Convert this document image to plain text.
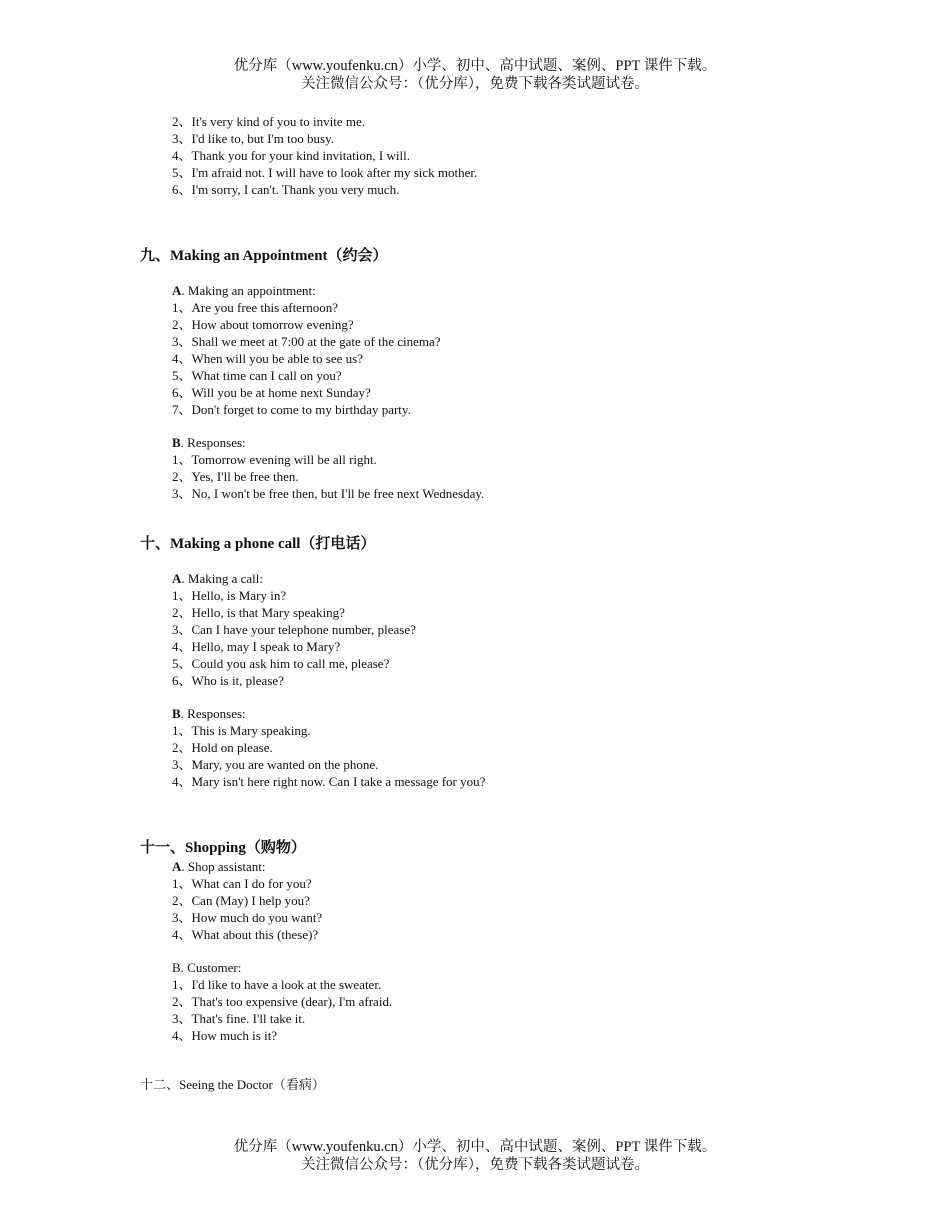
优分库（www.youfenku.cn）小学、初中、高中试题、案例、PPT 课件下载。
关注微信公众号：（优分库），免费下载各类试题试卷。
2、It's very kind of you to invite me.
3、I'd like to, but I'm too busy.
4、Thank you for your kind invitation, I will.
5、I'm afraid not. I will have to look after my sick mother.
6、I'm sorry, I can't. Thank you very much.
九、Making an Appointment（约会）
A. Making an appointment:
1、Are you free this afternoon?
2、How about tomorrow evening?
3、Shall we meet at 7:00 at the gate of the cinema?
4、When will you be able to see us?
5、What time can I call on you?
6、Will you be at home next Sunday?
7、Don't forget to come to my birthday party.
B. Responses:
1、Tomorrow evening will be all right.
2、Yes, I'll be free then.
3、No, I won't be free then, but I'll be free next Wednesday.
十、Making a phone call（打电话）
A. Making a call:
1、Hello, is Mary in?
2、Hello, is that Mary speaking?
3、Can I have your telephone number, please?
4、Hello, may I speak to Mary?
5、Could you ask him to call me, please?
6、Who is it, please?
B. Responses:
1、This is Mary speaking.
2、Hold on please.
3、Mary, you are wanted on the phone.
4、Mary isn't here right now. Can I take a message for you?
十一、Shopping（购物）
A. Shop assistant:
1、What can I do for you?
2、Can (May) I help you?
3、How much do you want?
4、What about this (these)?
B. Customer:
1、I'd like to have a look at the sweater.
2、That's too expensive (dear), I'm afraid.
3、That's fine. I'll take it.
4、How much is it?
十二、Seeing the Doctor（看病）
优分库（www.youfenku.cn）小学、初中、高中试题、案例、PPT 课件下载。
关注微信公众号：（优分库），免费下载各类试题试卷。
